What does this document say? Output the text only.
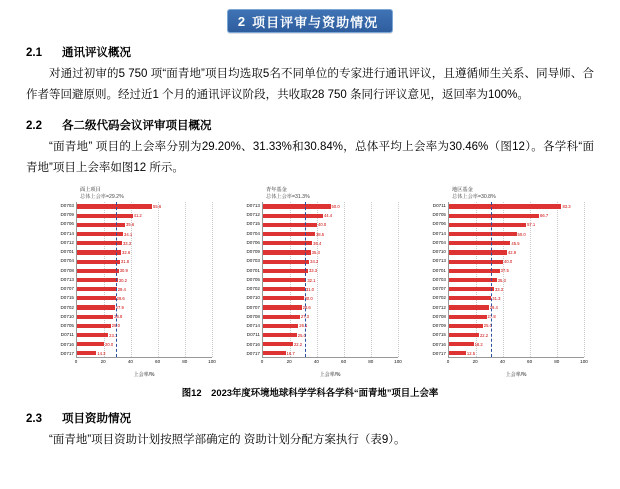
2 项目评审与资助情况
2.1	通讯评议概况

对通过初审的5 750 项“面青地”项目均选取5名不同单位的专家进行通讯评议，且遵循师生关系、同导师、合作者等回避原则。经过近1 个月的通讯评议阶段，共收取28 750 条同行评议意见，返回率为100%。

2.2	各二级代码会议评审项目概况

“面青地” 项目的上会率分别为29.20%、31.33%和30.84%，总体平均上会率为30.46%（图12）。各学科“面青地”项目上会率如图12 所示。

面上项目
总体上会率=29.2%
D0703
D0709
D0706
D0714
D0712
D0701
D0704
D0708
D0713
D0707
D0715
D0702
D0710
D0705
D0711
D0716
D0717
55.6
41.2
35.6
34.1
33.3
32.6
31.8
30.9
30.2
29.4
28.6
27.9
26.8
25.0
23.1
20.0
14.3
0	20	40	60	80	100
上会率/%
青年基金
总体上会率=31.3%
D0713
D0712
D0715
D0704
D0706
D0709
D0703
D0701
D0705
D0702
D0710
D0707
D0708
D0714
D0711
D0716
D0717
50.0
44.4
40.0
38.5
36.4
35.3
34.2
33.3
32.1
31.0
30.0
28.6
27.3
26.1
25.0
22.2
16.7
0	20	40	60	80	100
上会率/%
地区基金
总体上会率=30.8%
D0711
D0705
D0706
D0714
D0704
D0710
D0713
D0701
D0703
D0707
D0702
D0712
D0708
D0709
D0715
D0716
D0717
83.3
66.7
57.1
50.0
45.5
42.9
40.0
37.5
35.3
33.3
31.3
29.4
27.8
25.0
22.2
18.2
12.5
0	20	40	60	80	100
上会率/%
图12 2023年度环境地球科学学科各学科“面青地”项目上会率
2.3	项目资助情况

“面青地”项目资助计划按照学部确定的 资助计划分配方案执行（表9）。
